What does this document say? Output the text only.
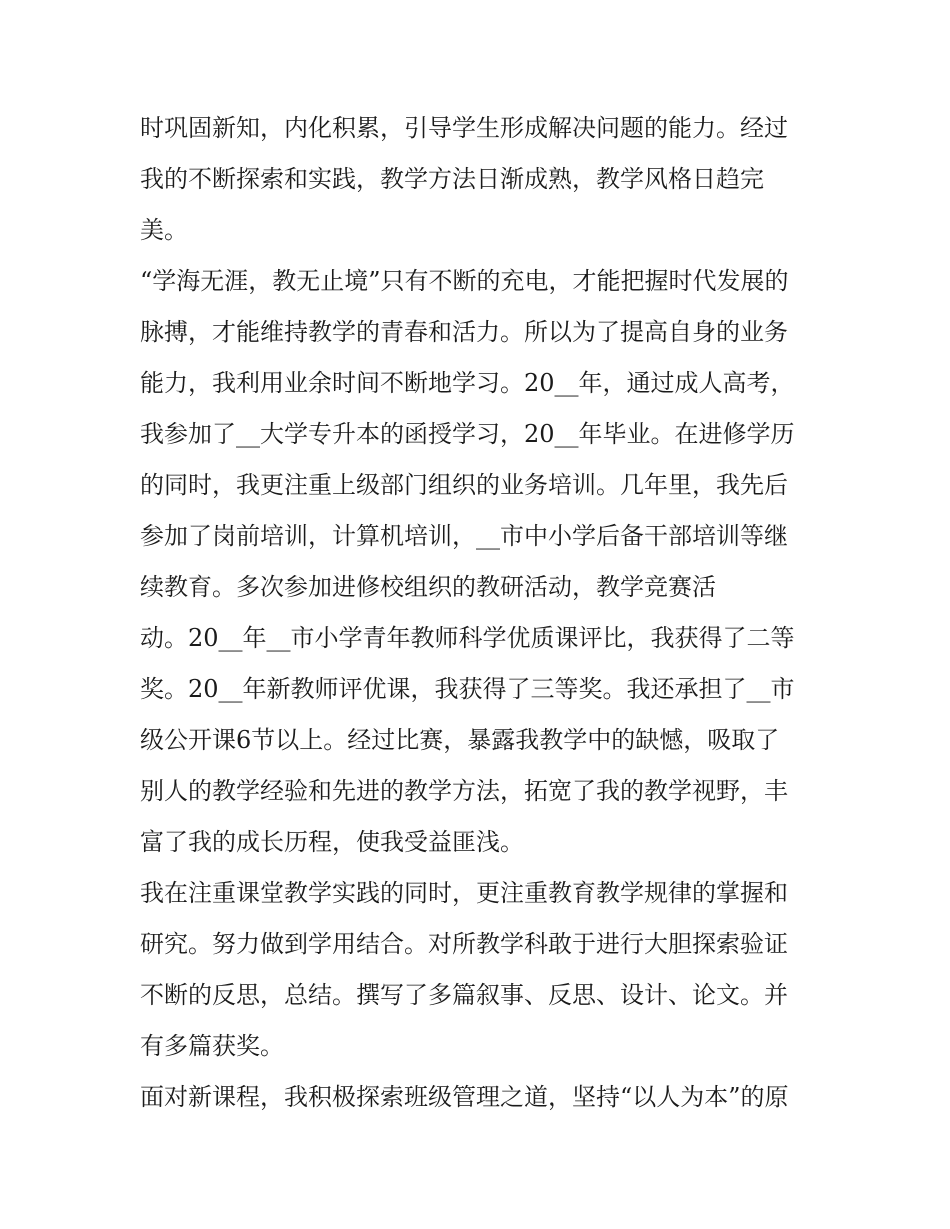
时巩固新知，内化积累，引导学生形成解决问题的能力。经过
我的不断探索和实践，教学方法日渐成熟，教学风格日趋完
美。
“学海无涯，教无止境”只有不断的充电，才能把握时代发展的
脉搏，才能维持教学的青春和活力。所以为了提高自身的业务
能力，我利用业余时间不断地学习。20__年，通过成人高考，
我参加了__大学专升本的函授学习，20__年毕业。在进修学历
的同时，我更注重上级部门组织的业务培训。几年里，我先后
参加了岗前培训，计算机培训，__市中小学后备干部培训等继
续教育。多次参加进修校组织的教研活动，教学竞赛活
动。20__年__市小学青年教师科学优质课评比，我获得了二等
奖。20__年新教师评优课，我获得了三等奖。我还承担了__市
级公开课6节以上。经过比赛，暴露我教学中的缺憾，吸取了
别人的教学经验和先进的教学方法，拓宽了我的教学视野，丰
富了我的成长历程，使我受益匪浅。
我在注重课堂教学实践的同时，更注重教育教学规律的掌握和
研究。努力做到学用结合。对所教学科敢于进行大胆探索验证
不断的反思，总结。撰写了多篇叙事、反思、设计、论文。并
有多篇获奖。
面对新课程，我积极探索班级管理之道，坚持“以人为本”的原
